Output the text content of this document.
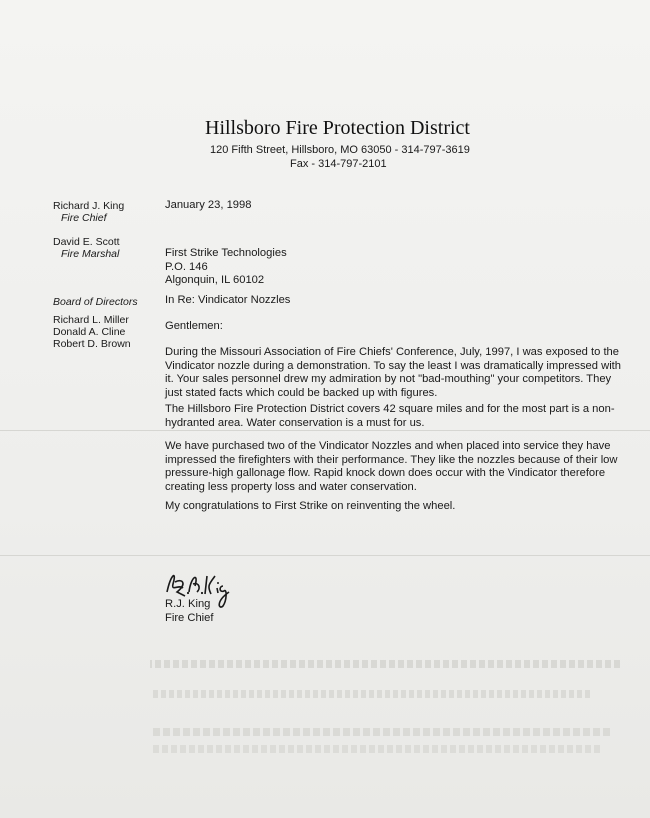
Hillsboro Fire Protection District
120 Fifth Street, Hillsboro, MO 63050 - 314-797-3619
Fax - 314-797-2101
Richard J. King
Fire Chief
David E. Scott
Fire Marshal
Board of Directors
Richard L. Miller
Donald A. Cline
Robert D. Brown
January 23, 1998
First Strike Technologies
P.O. 146
Algonquin, IL 60102
In Re: Vindicator Nozzles
Gentlemen:
During the Missouri Association of Fire Chiefs' Conference, July, 1997, I was exposed to the Vindicator nozzle during a demonstration. To say the least I was dramatically impressed with it. Your sales personnel drew my admiration by not "bad-mouthing" your competitors. They just stated facts which could be backed up with figures.
The Hillsboro Fire Protection District covers 42 square miles and for the most part is a non-hydranted area. Water conservation is a must for us.
We have purchased two of the Vindicator Nozzles and when placed into service they have impressed the firefighters with their performance. They like the nozzles because of their low pressure-high gallonage flow. Rapid knock down does occur with the Vindicator therefore creating less property loss and water conservation.
My congratulations to First Strike on reinventing the wheel.
R.J. King
Fire Chief
